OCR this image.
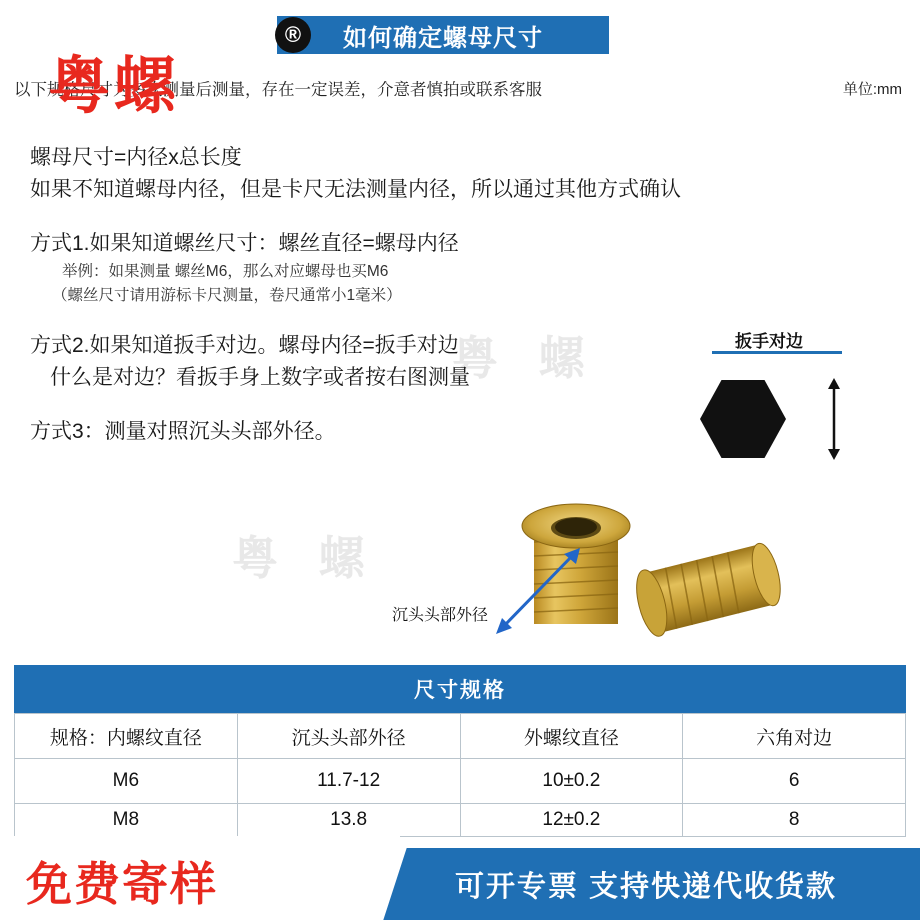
如何确定螺母尺寸
®
以下规格尺寸为多次测量后测量，存在一定误差，介意者慎拍或联系客服	单位:mm
粤 螺
粤 螺
粤螺
螺母尺寸=内径x总长度
如果不知道螺母内径，但是卡尺无法测量内径，所以通过其他方式确认
方式1.如果知道螺丝尺寸：螺丝直径=螺母内径
举例：如果测量 螺丝M6，那么对应螺母也买M6
（螺丝尺寸请用游标卡尺测量，卷尺通常小1毫米）
方式2.如果知道扳手对边。螺母内径=扳手对边
什么是对边？看扳手身上数字或者按右图测量
方式3：测量对照沉头头部外径。
扳手对边
沉头头部外径
尺寸规格
规格：内螺纹直径	沉头头部外径	外螺纹直径	六角对边
M6	11.7-12	10±0.2	6
M8	13.8	12±0.2	8
可开专票 支持快递代收货款
免费寄样
